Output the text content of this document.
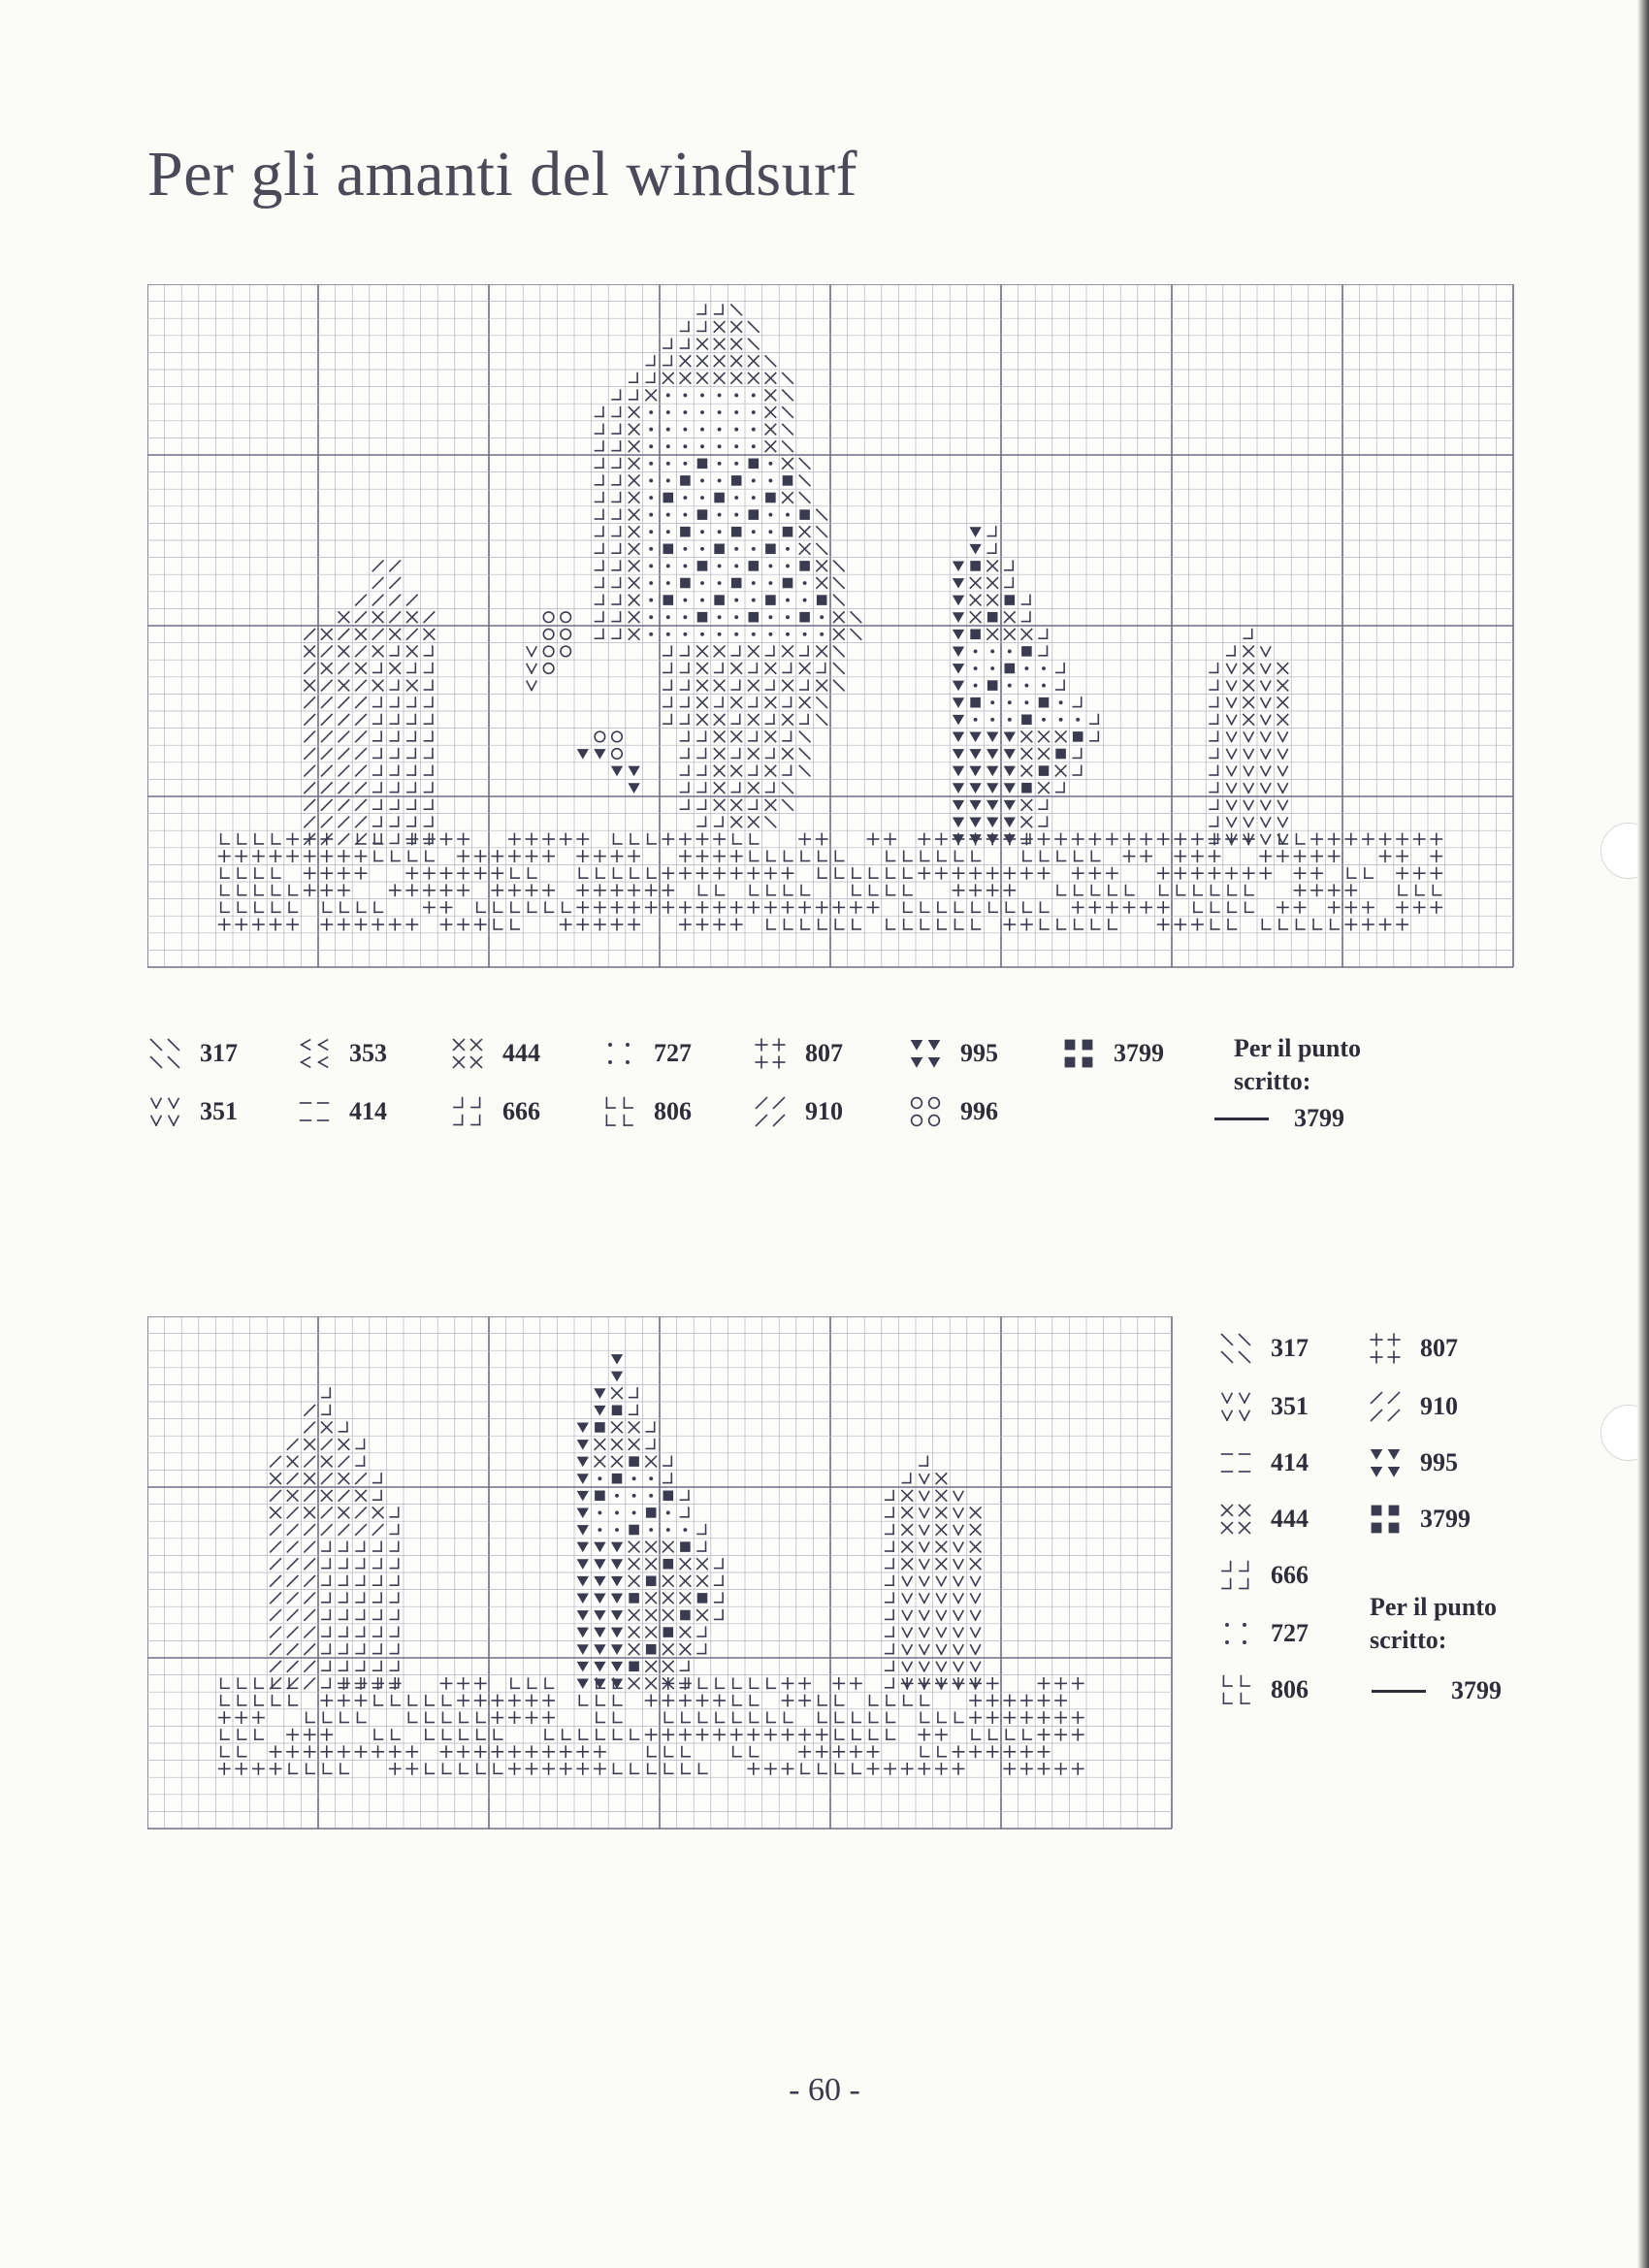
Per gli amanti del windsurf
317	353	444	727	807	995	3799
351	414	666	806	910	996
Per il punto scritto:
3799
317	807
351	910
414	995
444	3799
666
727
806
Per il punto scritto:
3799
- 60 -
